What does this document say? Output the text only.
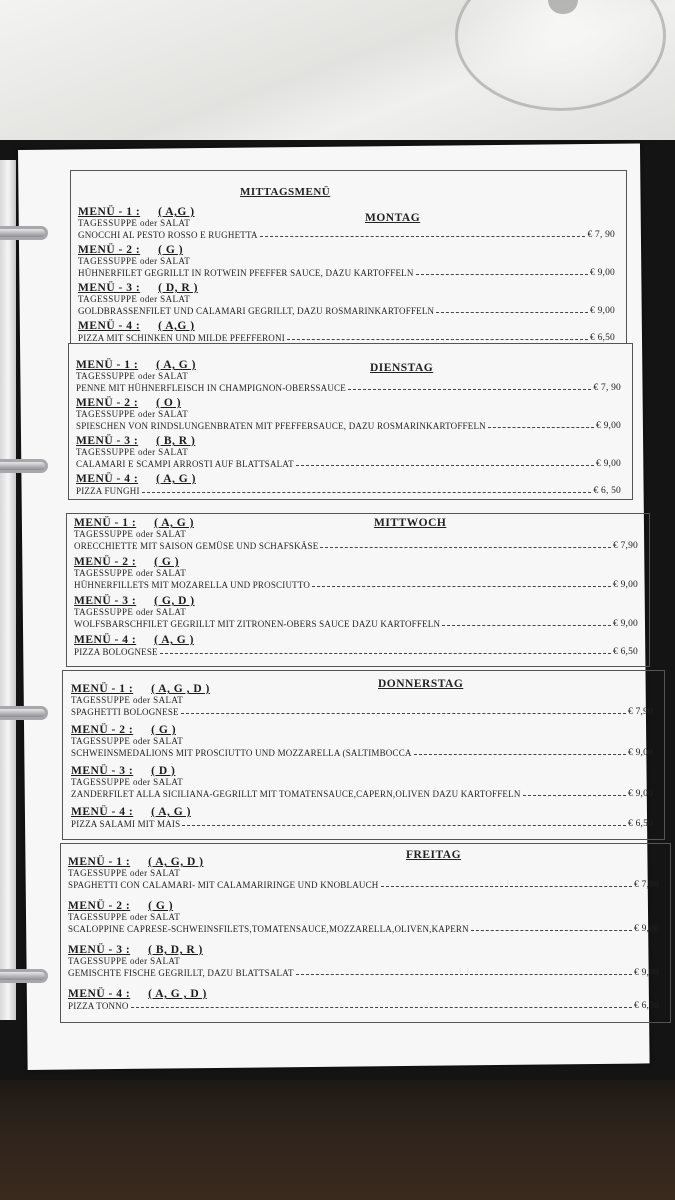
MITTAGSMENÜ
MONTAG
MENÜ - 1 : ( A,G )
TAGESSUPPE oder SALAT
GNOCCHI AL PESTO ROSSO E RUGHETTA	€ 7, 90
MENÜ - 2 : ( G )
TAGESSUPPE oder SALAT
HÜHNERFILET GEGRILLT IN ROTWEIN PFEFFER SAUCE, DAZU KARTOFFELN	€ 9,00
MENÜ - 3 : ( D, R )
TAGESSUPPE oder SALAT
GOLDBRASSENFILET UND CALAMARI GEGRILLT, DAZU ROSMARINKARTOFFELN	€ 9,00
MENÜ - 4 : ( A,G )
PIZZA MIT SCHINKEN UND MILDE PFEFFERONI	€ 6,50
DIENSTAG
MENÜ - 1 : ( A, G )
TAGESSUPPE oder SALAT
PENNE MIT HÜHNERFLEISCH IN CHAMPIGNON-OBERSSAUCE	€ 7, 90
MENÜ - 2 : ( O )
TAGESSUPPE oder SALAT
SPIESCHEN VON RINDSLUNGENBRATEN MIT PFEFFERSAUCE, DAZU ROSMARINKARTOFFELN	€ 9,00
MENÜ - 3 : ( B, R )
TAGESSUPPE oder SALAT
CALAMARI E SCAMPI ARROSTI AUF BLATTSALAT	€ 9,00
MENÜ - 4 : ( A, G )
PIZZA FUNGHI	€ 6, 50
MITTWOCH
MENÜ - 1 : ( A, G )
TAGESSUPPE oder SALAT
ORECCHIETTE MIT SAISON GEMÜSE UND SCHAFSKÄSE	€ 7,90
MENÜ - 2 : ( G )
TAGESSUPPE oder SALAT
HÜHNERFILLETS MIT MOZARELLA UND PROSCIUTTO	€ 9,00
MENÜ - 3 : ( G, D )
TAGESSUPPE oder SALAT
WOLFSBARSCHFILET GEGRILLT MIT ZITRONEN-OBERS SAUCE DAZU KARTOFFELN	€ 9,00
MENÜ - 4 : ( A, G )
PIZZA BOLOGNESE	€ 6,50
DONNERSTAG
MENÜ - 1 : ( A, G , D )
TAGESSUPPE oder SALAT
SPAGHETTI BOLOGNESE	€ 7,90
MENÜ - 2 : ( G )
TAGESSUPPE oder SALAT
SCHWEINSMEDALIONS MIT PROSCIUTTO UND MOZZARELLA (SALTIMBOCCA	€ 9,00
MENÜ - 3 : ( D )
TAGESSUPPE oder SALAT
ZANDERFILET ALLA SICILIANA-GEGRILLT MIT TOMATENSAUCE,CAPERN,OLIVEN DAZU KARTOFFELN	€ 9,00
MENÜ - 4 : ( A, G )
PIZZA SALAMI MIT MAIS	€ 6,50
FREITAG
MENÜ - 1 : ( A, G, D )
TAGESSUPPE oder SALAT
SPAGHETTI CON CALAMARI- MIT CALAMARIRINGE UND KNOBLAUCH	€ 7,90
MENÜ - 2 : ( G )
TAGESSUPPE oder SALAT
SCALOPPINE CAPRESE-SCHWEINSFILETS,TOMATENSAUCE,MOZZARELLA,OLIVEN,KAPERN	€ 9,00
MENÜ - 3 : ( B, D, R )
TAGESSUPPE oder SALAT
GEMISCHTE FISCHE GEGRILLT, DAZU BLATTSALAT	€ 9,00
MENÜ - 4 : ( A, G , D )
PIZZA TONNO	€ 6,50
